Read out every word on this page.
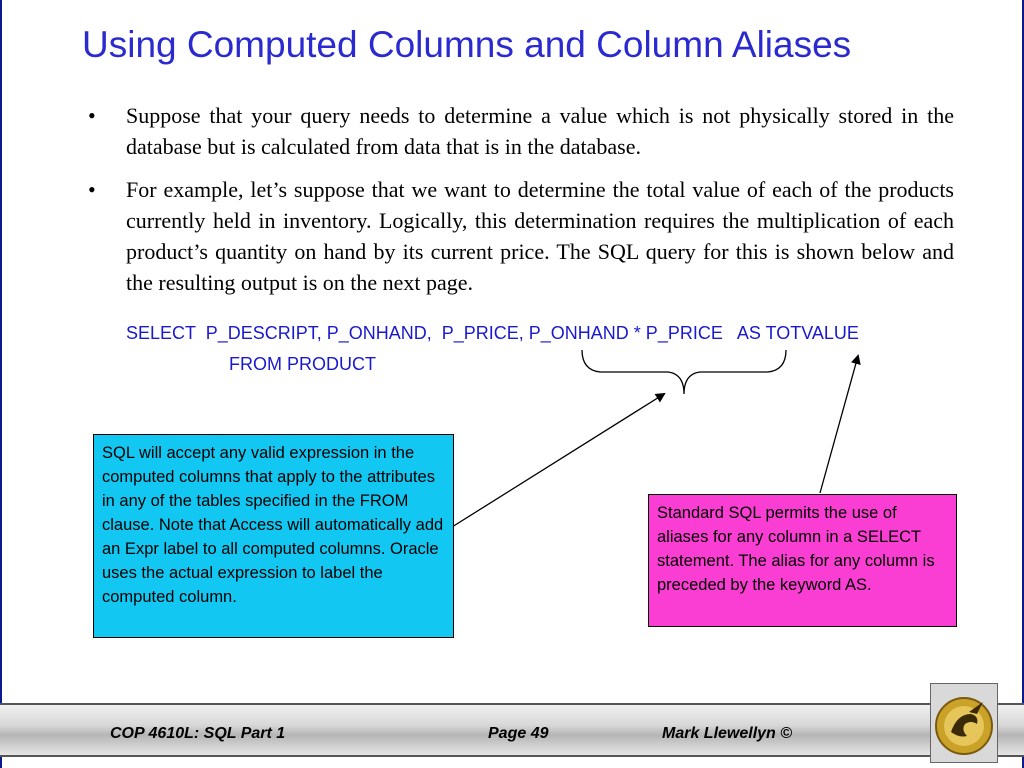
Using Computed Columns and Column Aliases
• Suppose that your query needs to determine a value which is not physically stored in the database but is calculated from data that is in the database.
• For example, let’s suppose that we want to determine the total value of each of the products currently held in inventory. Logically, this determination requires the multiplication of each product’s quantity on hand by its current price. The SQL query for this is shown below and the resulting output is on the next page.
SELECT  P_DESCRIPT, P_ONHAND,  P_PRICE, P_ONHAND * P_PRICE   AS TOTVALUE
FROM PRODUCT
SQL will accept any valid expression in the computed columns that apply to the attributes in any of the tables specified in the FROM clause. Note that Access will automatically add an Expr label to all computed columns. Oracle uses the actual expression to label the computed column.
Standard SQL permits the use of aliases for any column in a SELECT statement. The alias for any column is preceded by the keyword AS.
COP 4610L: SQL Part 1	Page 49	Mark Llewellyn ©
